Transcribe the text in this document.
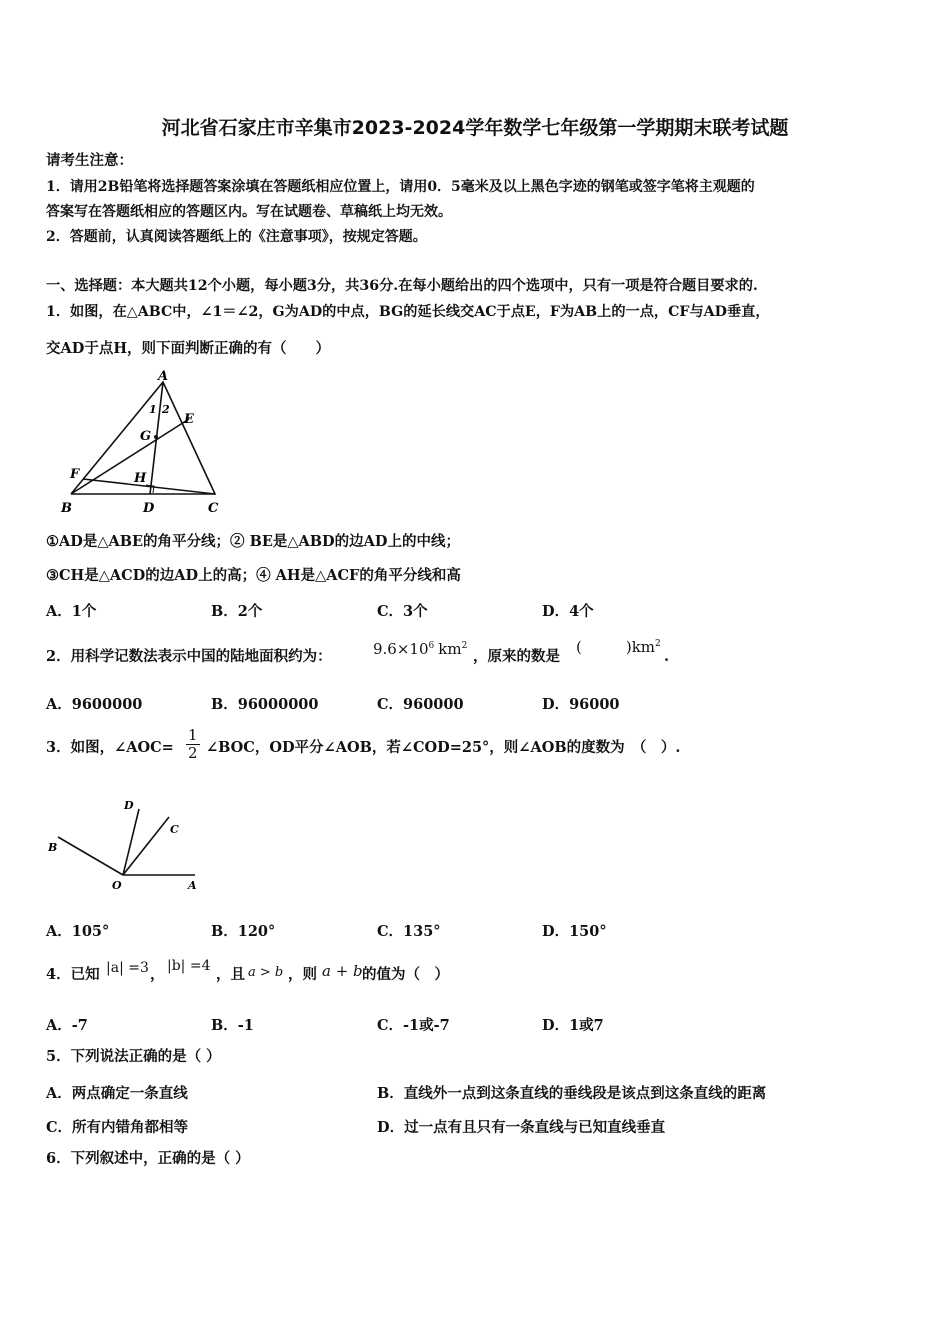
河北省石家庄市辛集市2023-2024学年数学七年级第一学期期末联考试题
请考生注意：
1．请用2B铅笔将选择题答案涂填在答题纸相应位置上，请用0．5毫米及以上黑色字迹的钢笔或签字笔将主观题的
答案写在答题纸相应的答题区内。写在试题卷、草稿纸上均无效。
2．答题前，认真阅读答题纸上的《注意事项》，按规定答题。
一、选择题：本大题共12个小题，每小题3分，共36分.在每小题给出的四个选项中，只有一项是符合题目要求的.
1．如图，在△ABC中，∠1＝∠2，G为AD的中点，BG的延长线交AC于点E，F为AB上的一点，CF与AD垂直，
交AD于点H，则下面判断正确的有（　　）
A
B	C
D
E
F
G
H
1 2
①AD是△ABE的角平分线；② BE是△ABD的边AD上的中线；
③CH是△ACD的边AD上的高；④ AH是△ACF的角平分线和高
A．1个	B．2个	C．3个	D．4个
2．用科学记数法表示中国的陆地面积约为：	$9.6\times 10^6$ $km^2$
，原来的数是
(	)$km^2$
.
A．9600000	B．96000000	C．960000	D．96000
3．如图，∠AOC= $\frac{1}{2}$ ∠BOC，OD平分∠AOB，若∠COD=25°，则∠AOB的度数为　（　）.
O	A
B
C
D
A．105°	B．120°	C．135°	D．150°
4．已知 |a| =3 ， |b| =4 ，且 a > b ，则 a + b 的值为（　）
A．-7	B．-1	C．-1或-7	D．1或7
5．下列说法正确的是（ ）
A．两点确定一条直线	B．直线外一点到这条直线的垂线段是该点到这条直线的距离
C．所有内错角都相等	D．过一点有且只有一条直线与已知直线垂直
6．下列叙述中，正确的是（ ）
